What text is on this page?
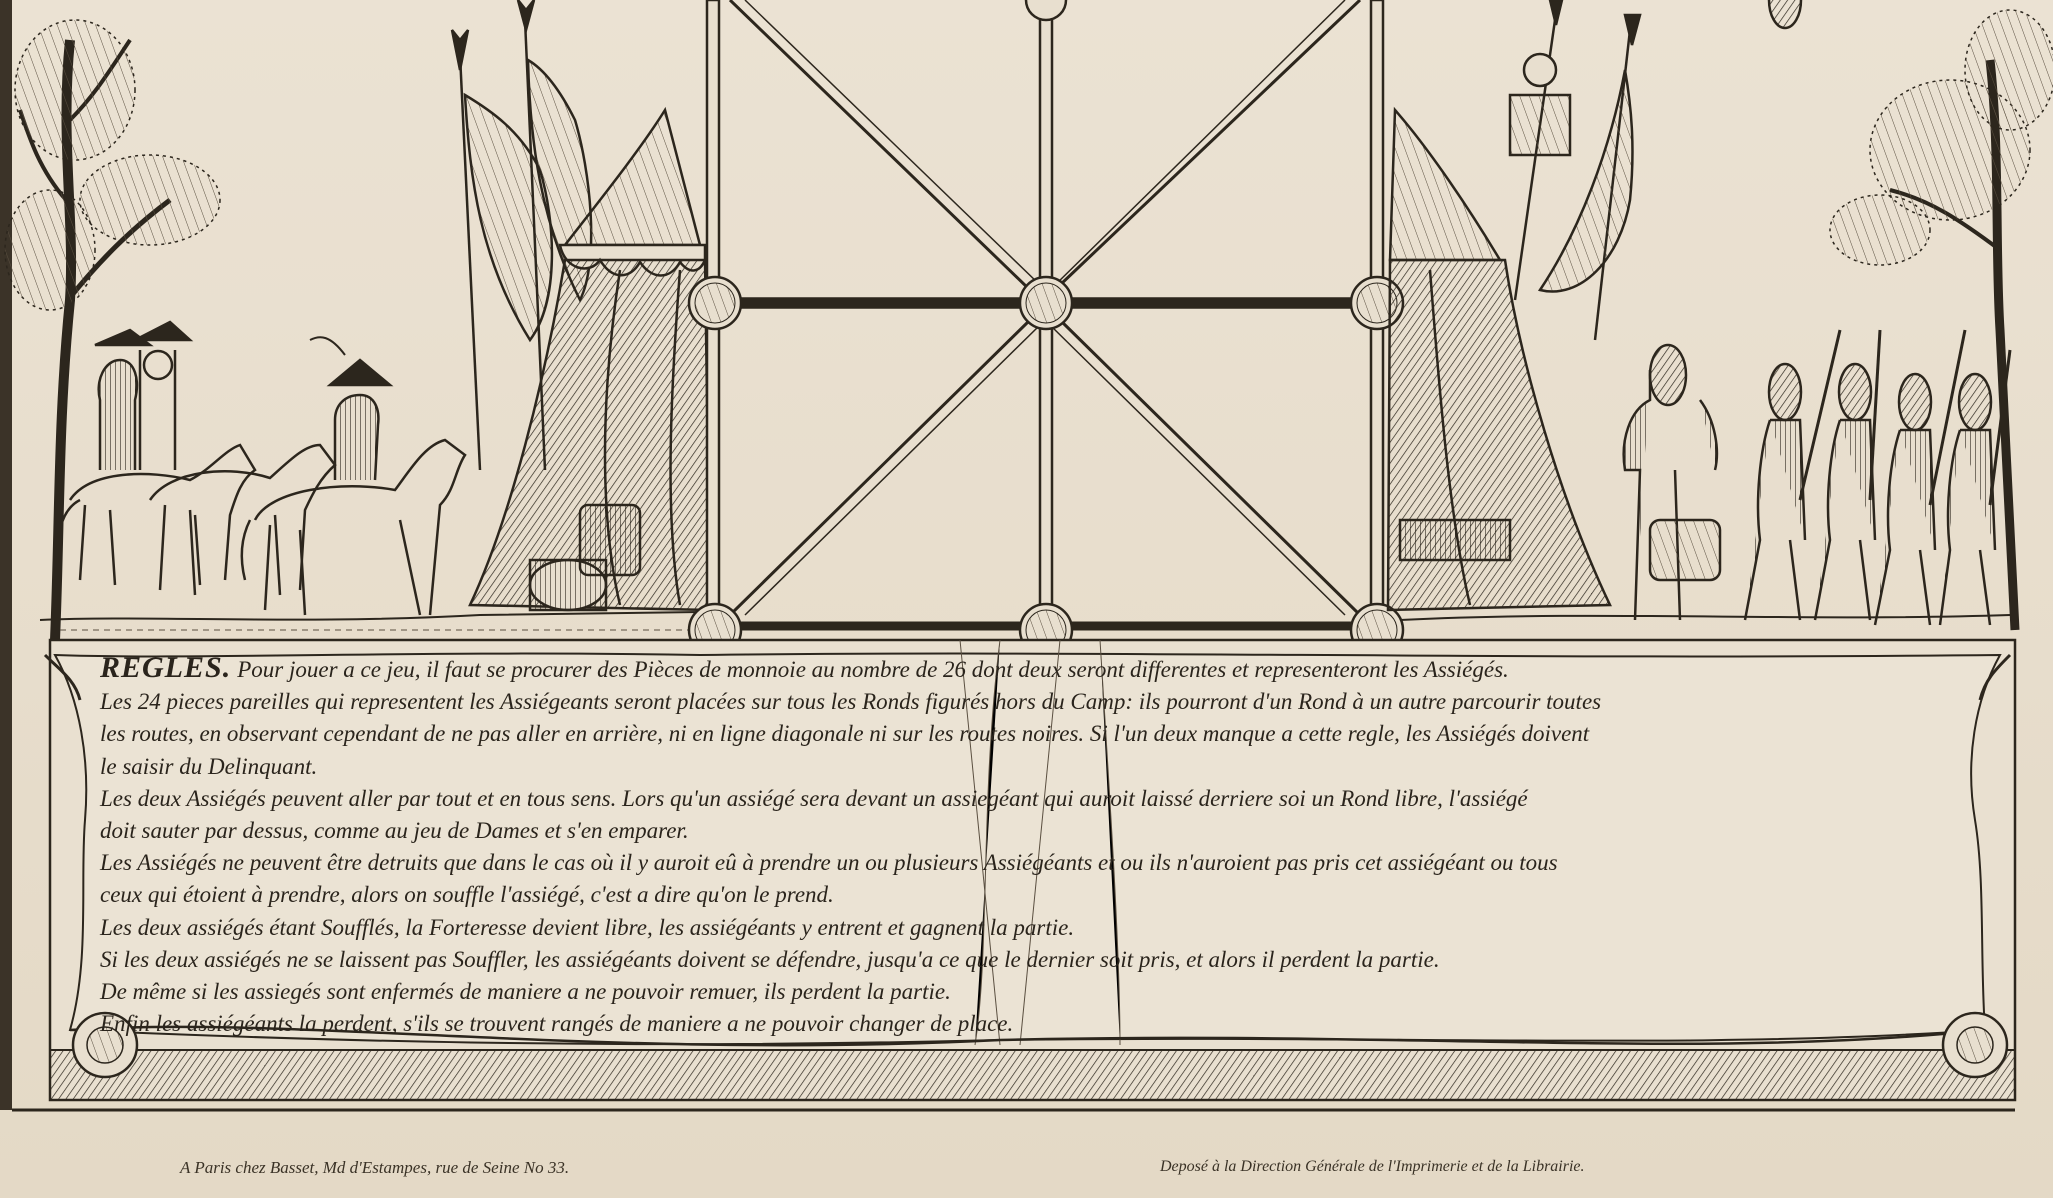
REGLES. Pour jouer a ce jeu, il faut se procurer des Pièces de monnoie au nombre de 26 dont deux seront differentes et representeront les Assiégés.
Les 24 pieces pareilles qui representent les Assiégeants seront placées sur tous les Ronds figurés hors du Camp: ils pourront d'un Rond à un autre parcourir toutes
les routes, en observant cependant de ne pas aller en arrière, ni en ligne diagonale ni sur les routes noires. Si l'un deux manque a cette regle, les Assiégés doivent
le saisir du Delinquant.
Les deux Assiégés peuvent aller par tout et en tous sens. Lors qu'un assiégé sera devant un assiegéant qui auroit laissé derriere soi un Rond libre, l'assiégé
doit sauter par dessus, comme au jeu de Dames et s'en emparer.
Les Assiégés ne peuvent être detruits que dans le cas où il y auroit eû à prendre un ou plusieurs Assiégéants et ou ils n'auroient pas pris cet assiégéant ou tous
ceux qui étoient à prendre, alors on souffle l'assiégé, c'est a dire qu'on le prend.
Les deux assiégés étant Soufflés, la Forteresse devient libre, les assiégéants y entrent et gagnent la partie.
Si les deux assiégés ne se laissent pas Souffler, les assiégéants doivent se défendre, jusqu'a ce que le dernier soit pris, et alors il perdent la partie.
De même si les assiegés sont enfermés de maniere a ne pouvoir remuer, ils perdent la partie.
Enfin les assiégéants la perdent, s'ils se trouvent rangés de maniere a ne pouvoir changer de place.
A Paris chez Basset, Md d'Estampes, rue de Seine No 33.	Deposé à la Direction Générale de l'Imprimerie et de la Librairie.
